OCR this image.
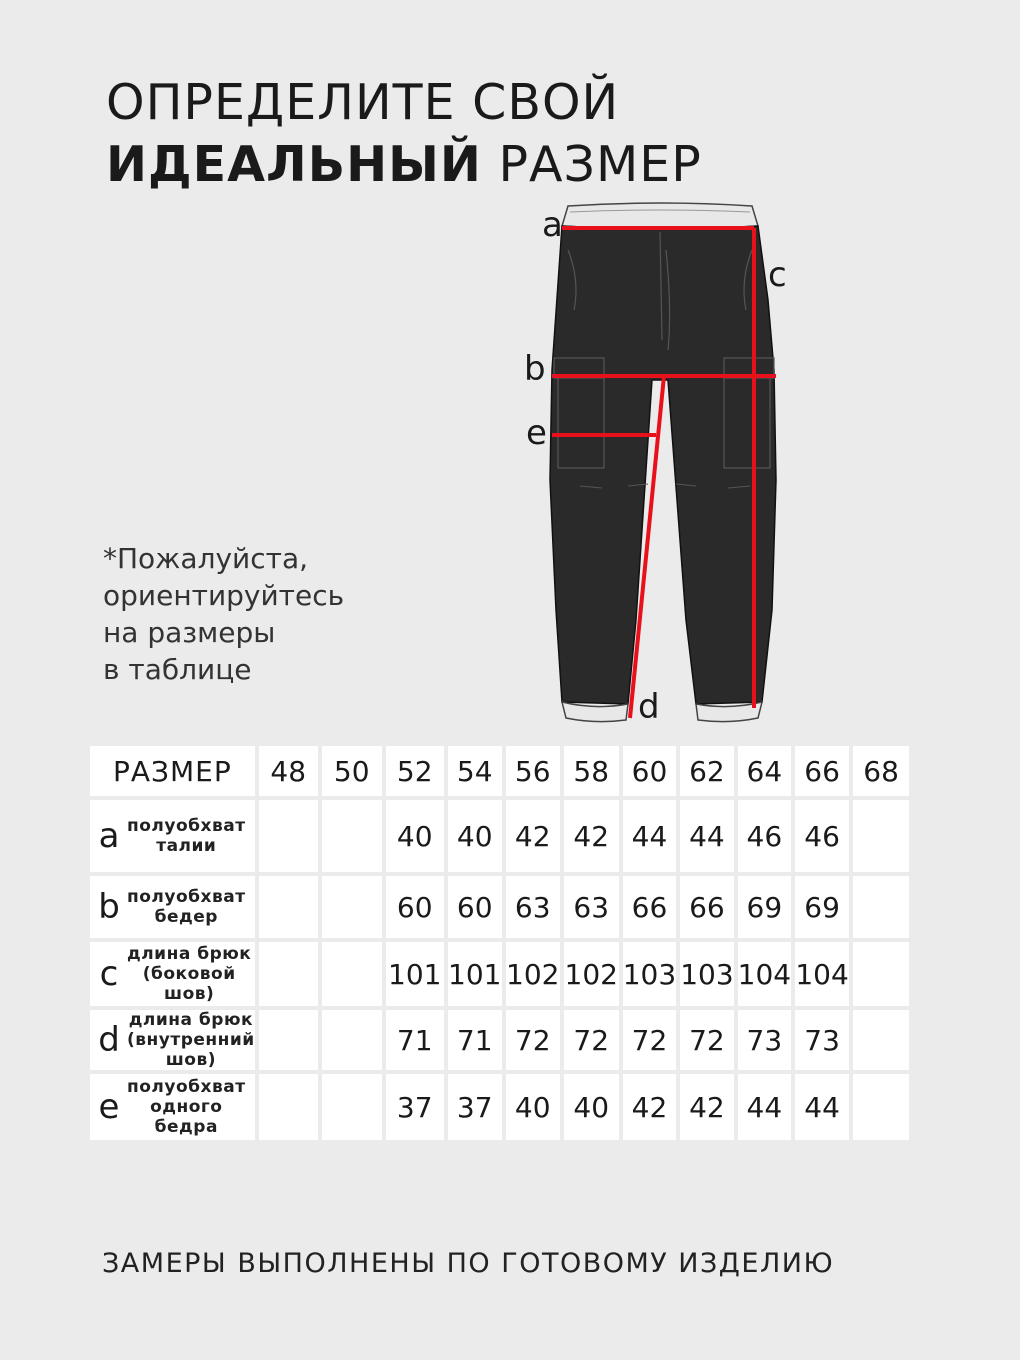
ОПРЕДЕЛИТЕ СВОЙ
ИДЕАЛЬНЫЙ РАЗМЕР
*Пожалуйста,
ориентируйтесь
на размеры
в таблице
a
c
b
e
d
РАЗМЕР	48	50	52	54	56	58	60	62	64	66	68

a полуобхват
талии			40	40	42	42	44	44	46	46	

b полуобхват
бедер			60	60	63	63	66	66	69	69	

c длина брюк
(боковой
шов)			101	101	102	102	103	103	104	104	

d длина брюк
(внутренний
шов)			71	71	72	72	72	72	73	73	

e полуобхват
одного
бедра			37	37	40	40	42	42	44	44	
ЗАМЕРЫ ВЫПОЛНЕНЫ ПО ГОТОВОМУ ИЗДЕЛИЮ
